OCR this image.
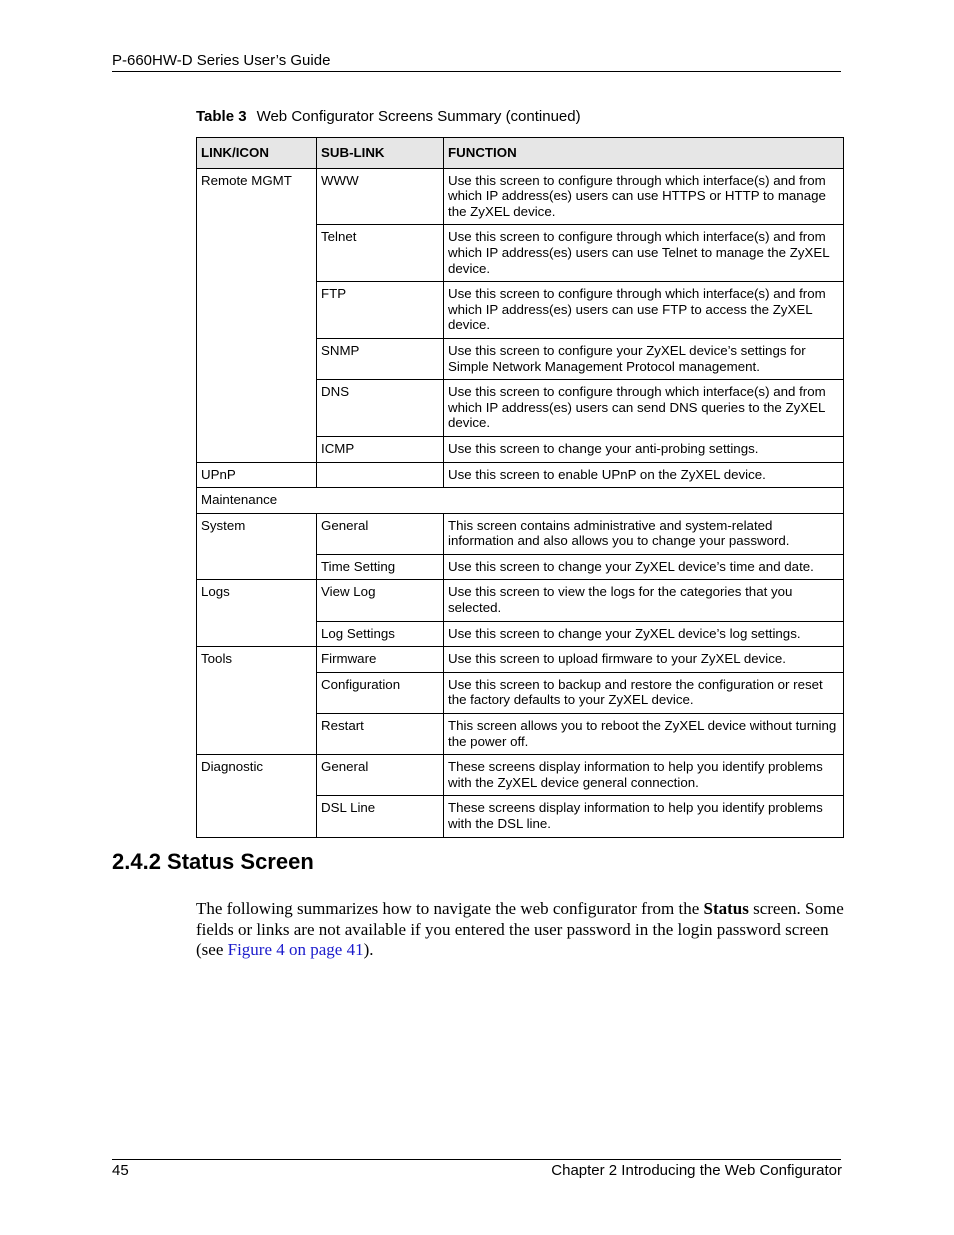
P-660HW-D Series User’s Guide
Table 3 Web Configurator Screens Summary (continued)
LINK/ICON	SUB-LINK	FUNCTION
Remote MGMT	WWW	Use this screen to configure through which interface(s) and from which IP address(es) users can use HTTPS or HTTP to manage the ZyXEL device.
	Telnet	Use this screen to configure through which interface(s) and from which IP address(es) users can use Telnet to manage the ZyXEL device.
	FTP	Use this screen to configure through which interface(s) and from which IP address(es) users can use FTP to access the ZyXEL device.
	SNMP	Use this screen to configure your ZyXEL device’s settings for Simple Network Management Protocol management.
	DNS	Use this screen to configure through which interface(s) and from which IP address(es) users can send DNS queries to the ZyXEL device.
	ICMP	Use this screen to change your anti-probing settings.
UPnP		Use this screen to enable UPnP on the ZyXEL device.
Maintenance		
System	General	This screen contains administrative and system-related information and also allows you to change your password.
	Time Setting	Use this screen to change your ZyXEL device’s time and date.
Logs	View Log	Use this screen to view the logs for the categories that you selected.
	Log Settings	Use this screen to change your ZyXEL device’s log settings.
Tools	Firmware	Use this screen to upload firmware to your ZyXEL device.
	Configuration	Use this screen to backup and restore the configuration or reset the factory defaults to your ZyXEL device.
	Restart	This screen allows you to reboot the ZyXEL device without turning the power off.
Diagnostic	General	These screens display information to help you identify problems with the ZyXEL device general connection.
	DSL Line	These screens display information to help you identify problems with the DSL line.
2.4.2 Status Screen
The following summarizes how to navigate the web configurator from the Status screen. Some fields or links are not available if you entered the user password in the login password screen (see Figure 4 on page 41).
45	Chapter 2 Introducing the Web Configurator
